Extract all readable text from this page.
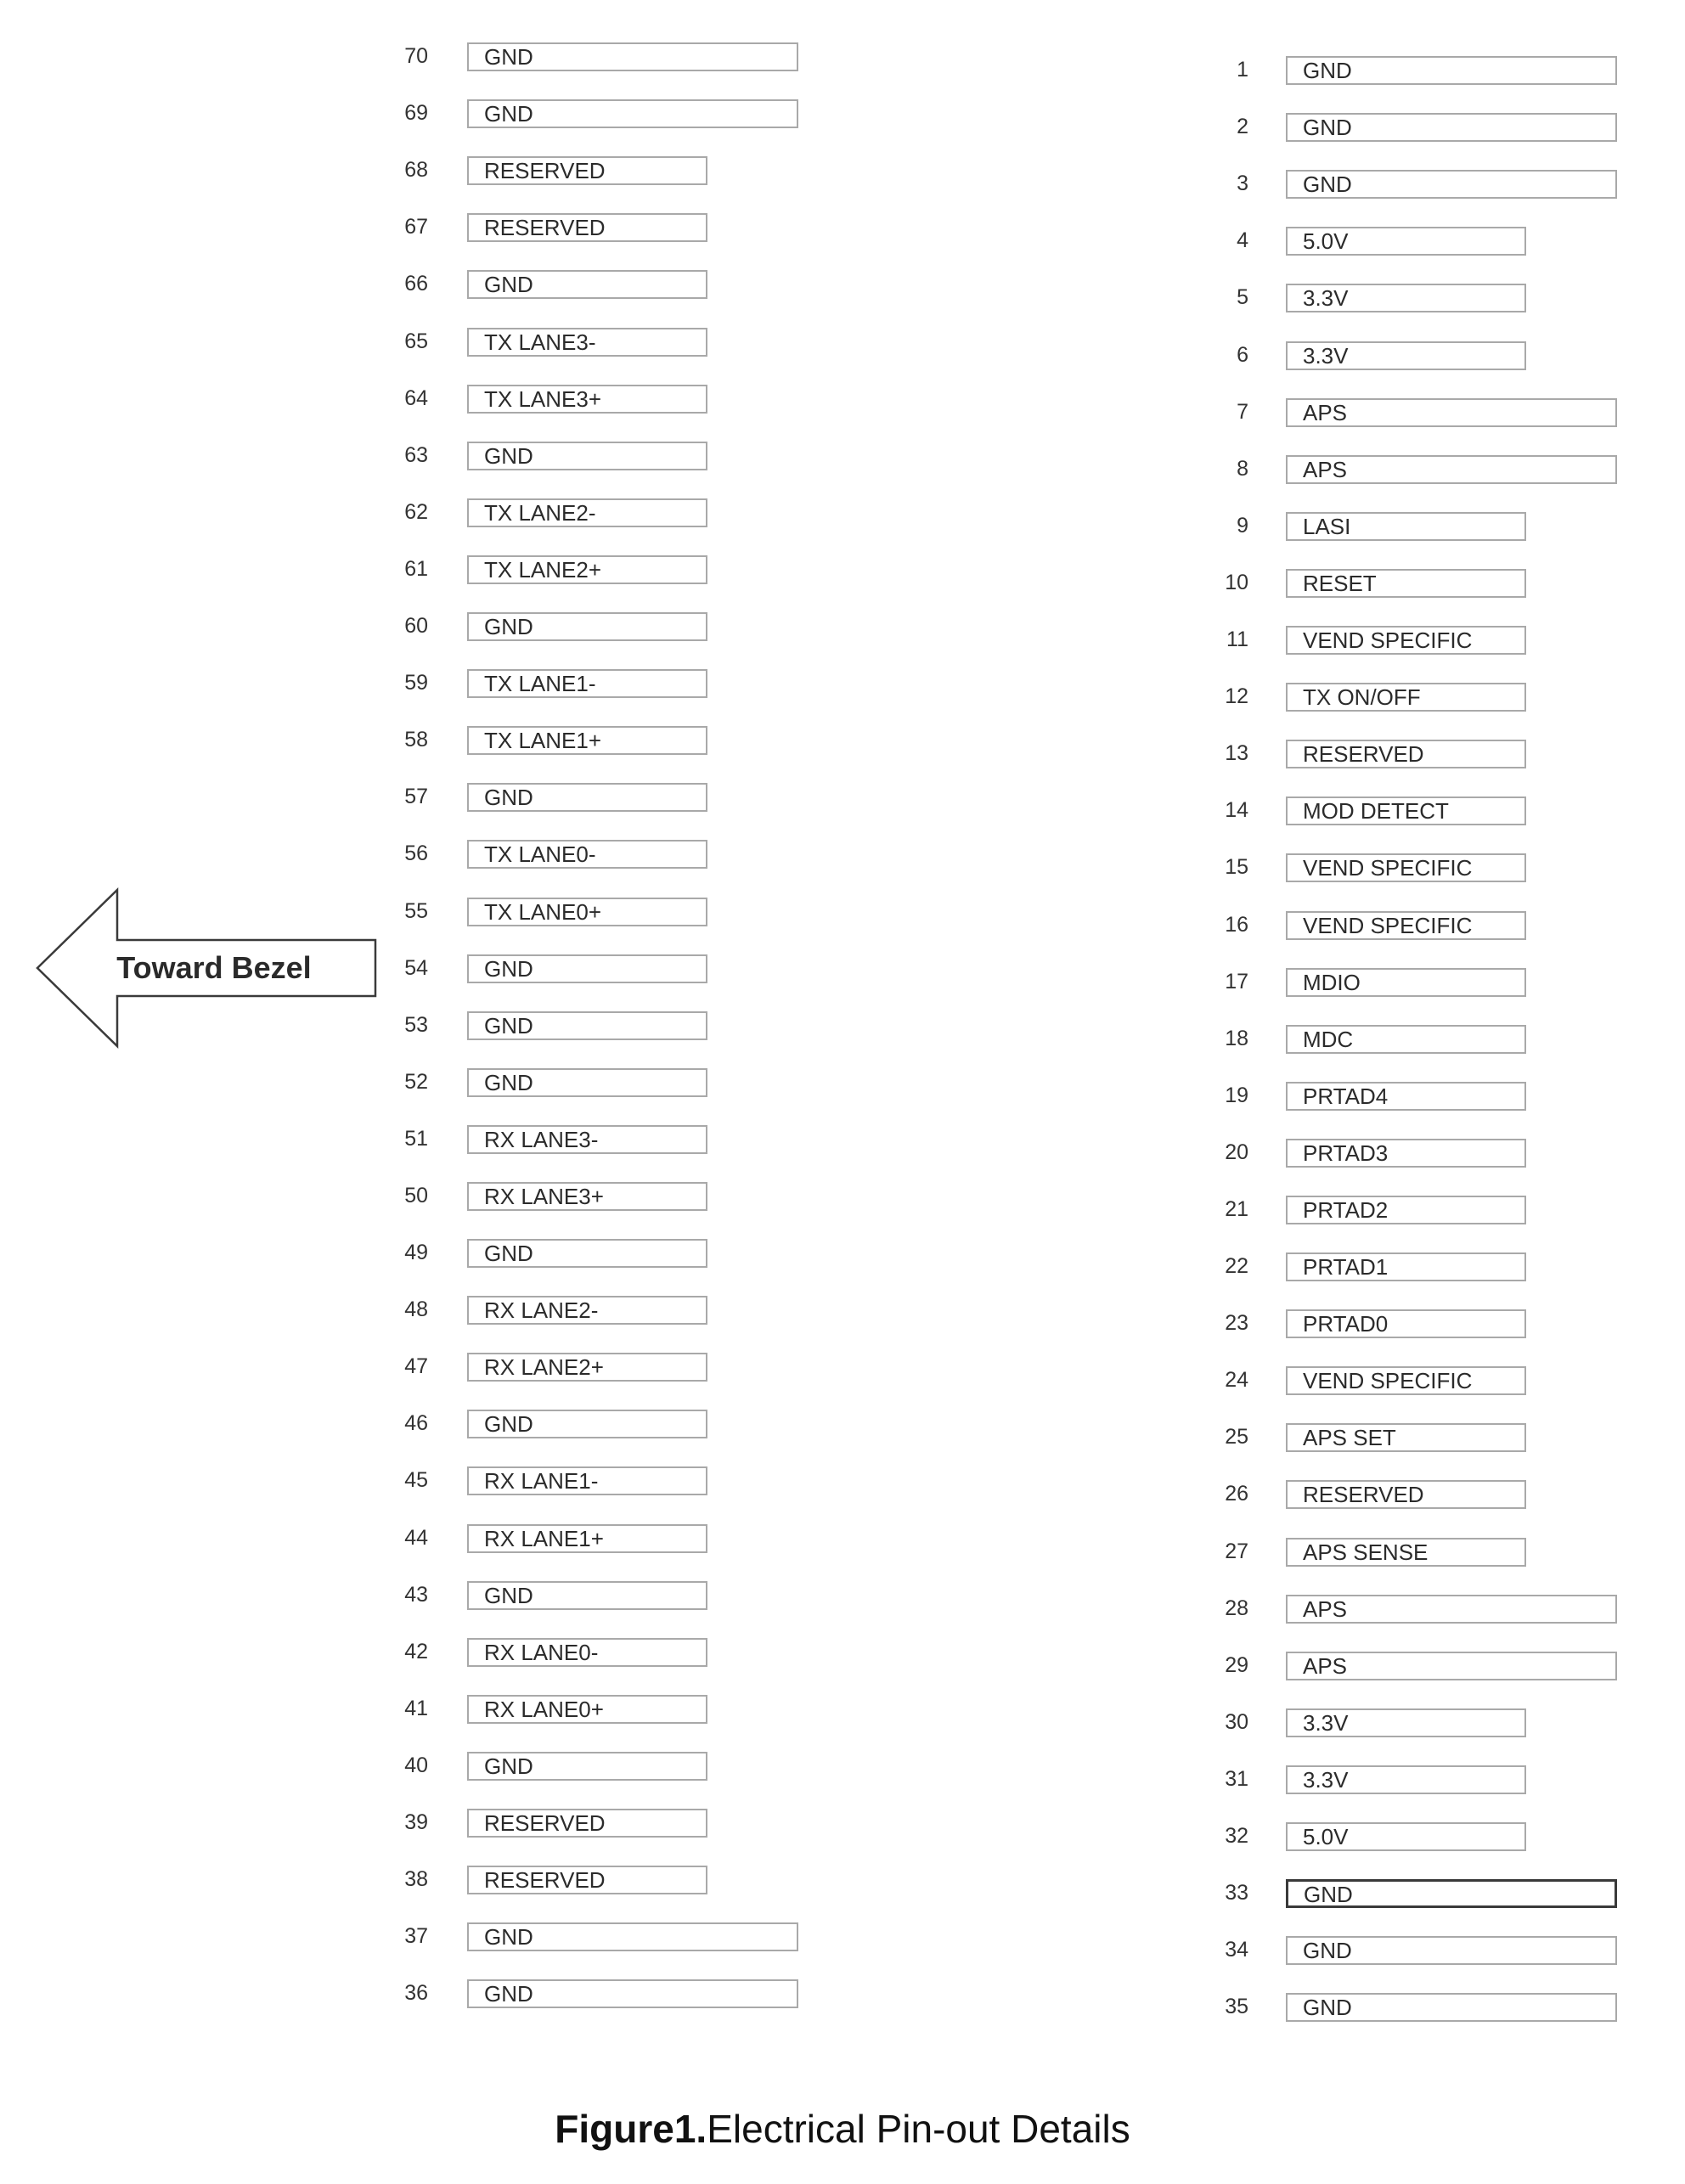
70	GND
69	GND
68	RESERVED
67	RESERVED
66	GND
65	TX LANE3-
64	TX LANE3+
63	GND
62	TX LANE2-
61	TX LANE2+
60	GND
59	TX LANE1-
58	TX LANE1+
57	GND
56	TX LANE0-
55	TX LANE0+
54	GND
53	GND
52	GND
51	RX LANE3-
50	RX LANE3+
49	GND
48	RX LANE2-
47	RX LANE2+
46	GND
45	RX LANE1-
44	RX LANE1+
43	GND
42	RX LANE0-
41	RX LANE0+
40	GND
39	RESERVED
38	RESERVED
37	GND
36	GND
1 GND
2 GND
3 GND
4 5.0V
5 3.3V
6 3.3V
7 APS
8 APS
9 LASI
10 RESET
11 VEND SPECIFIC
12 TX ON/OFF
13 RESERVED
14 MOD DETECT
15 VEND SPECIFIC
16 VEND SPECIFIC
17 MDIO
18 MDC
19 PRTAD4
20 PRTAD3
21 PRTAD2
22 PRTAD1
23 PRTAD0
24 VEND SPECIFIC
25 APS SET
26 RESERVED
27 APS SENSE
28 APS
29 APS
30 3.3V
31 3.3V
32 5.0V
33	GND
34 GND
35 GND
Toward Bezel
Figure1.Electrical Pin-out Details
